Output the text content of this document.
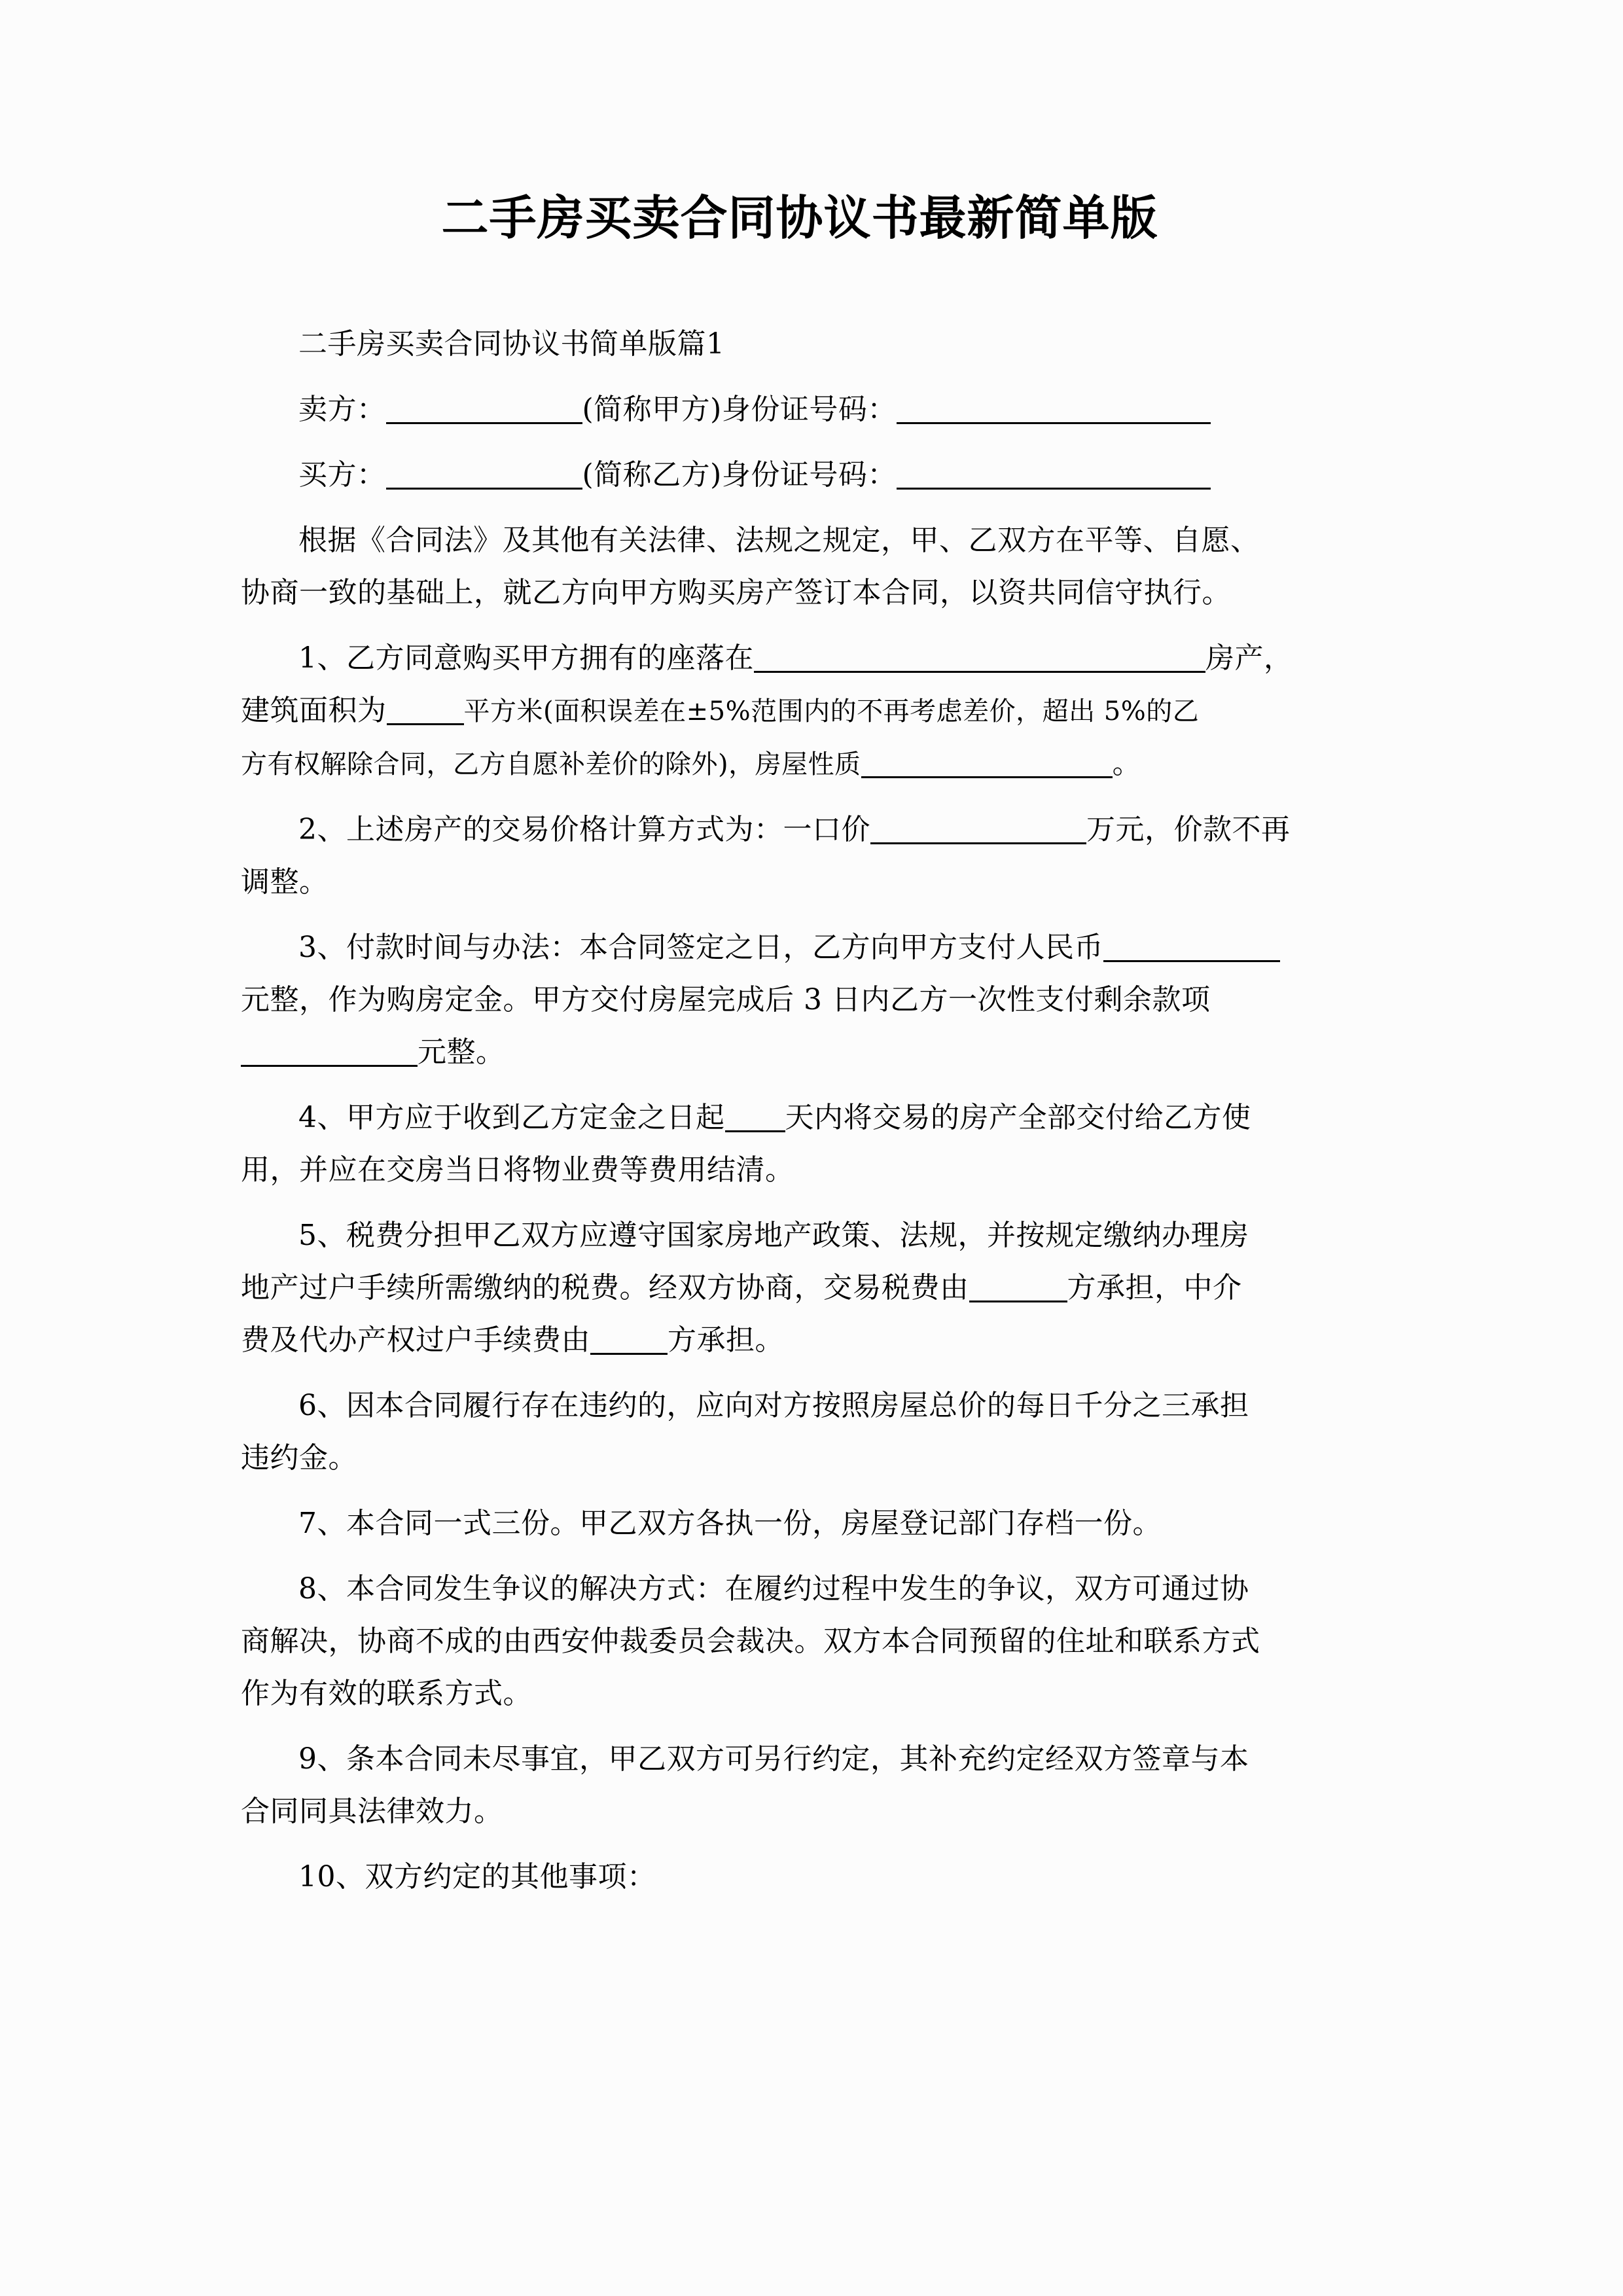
二手房买卖合同协议书最新简单版

二手房买卖合同协议书简单版篇1

卖方：	(简称甲方)身份证号码：

买方：	(简称乙方)身份证号码：

根据《合同法》及其他有关法律、法规之规定，甲、乙双方在平等、自愿、

协商一致的基础上，就乙方向甲方购买房产签订本合同，以资共同信守执行。

1、乙方同意购买甲方拥有的座落在	房产，

建筑面积为	平方米(面积误差在±5%范围内的不再考虑差价，超出 5%的乙

方有权解除合同，乙方自愿补差价的除外)，房屋性质	。

2、上述房产的交易价格计算方式为：一口价	万元，价款不再

调整。

3、付款时间与办法：本合同签定之日，乙方向甲方支付人民币

元整，作为购房定金。甲方交付房屋完成后 3 日内乙方一次性支付剩余款项

元整。

4、甲方应于收到乙方定金之日起 天内将交易的房产全部交付给乙方使

用，并应在交房当日将物业费等费用结清。

5、税费分担甲乙双方应遵守国家房地产政策、法规，并按规定缴纳办理房

地产过户手续所需缴纳的税费。经双方协商，交易税费由	方承担，中介

费及代办产权过户手续费由	方承担。

6、因本合同履行存在违约的，应向对方按照房屋总价的每日千分之三承担

违约金。

7、本合同一式三份。甲乙双方各执一份，房屋登记部门存档一份。

8、本合同发生争议的解决方式：在履约过程中发生的争议，双方可通过协

商解决，协商不成的由西安仲裁委员会裁决。双方本合同预留的住址和联系方式

作为有效的联系方式。

9、条本合同未尽事宜，甲乙双方可另行约定，其补充约定经双方签章与本

合同同具法律效力。

10、双方约定的其他事项：
